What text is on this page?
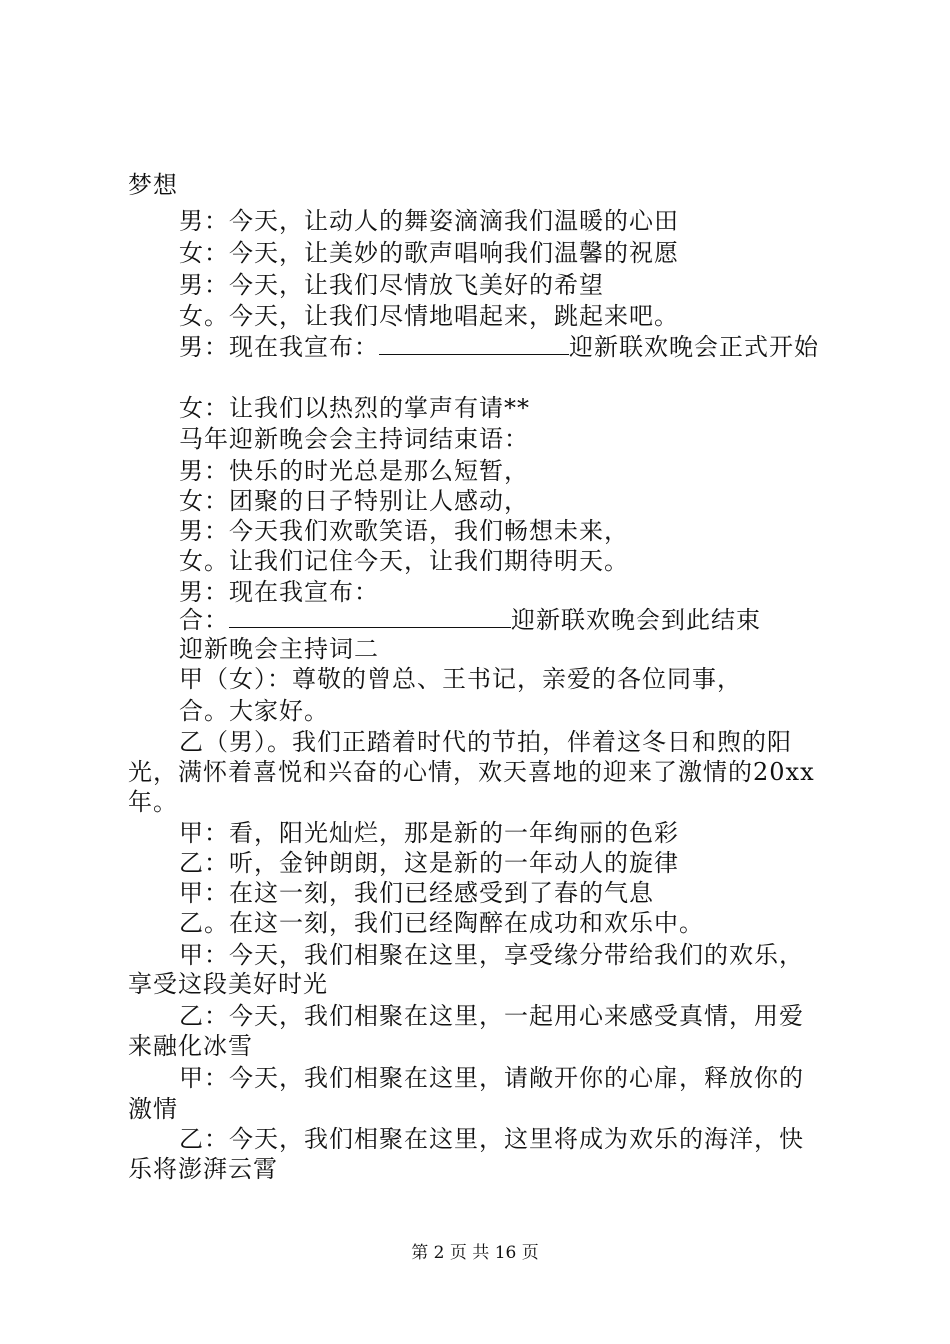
梦想
男：今天，让动人的舞姿滴滴我们温暖的心田
女：今天，让美妙的歌声唱响我们温馨的祝愿
男：今天，让我们尽情放飞美好的希望
女。今天，让我们尽情地唱起来，跳起来吧。
男：现在我宣布：	迎新联欢晚会正式开始
女：让我们以热烈的掌声有请**
马年迎新晚会会主持词结束语：
男：快乐的时光总是那么短暂，
女：团聚的日子特别让人感动，
男：今天我们欢歌笑语，我们畅想未来，
女。让我们记住今天，让我们期待明天。
男：现在我宣布：
合：	迎新联欢晚会到此结束
迎新晚会主持词二
甲（女）：尊敬的曾总、王书记，亲爱的各位同事，
合。大家好。
乙（男）。我们正踏着时代的节拍，伴着这冬日和煦的阳
光，满怀着喜悦和兴奋的心情，欢天喜地的迎来了激情的20xx
年。
甲：看，阳光灿烂，那是新的一年绚丽的色彩
乙：听，金钟朗朗，这是新的一年动人的旋律
甲：在这一刻，我们已经感受到了春的气息
乙。在这一刻，我们已经陶醉在成功和欢乐中。
甲：今天，我们相聚在这里，享受缘分带给我们的欢乐，
享受这段美好时光
乙：今天，我们相聚在这里，一起用心来感受真情，用爱
来融化冰雪
甲：今天，我们相聚在这里，请敞开你的心扉，释放你的
激情
乙：今天，我们相聚在这里，这里将成为欢乐的海洋，快
乐将澎湃云霄
第 2 页 共 16 页
